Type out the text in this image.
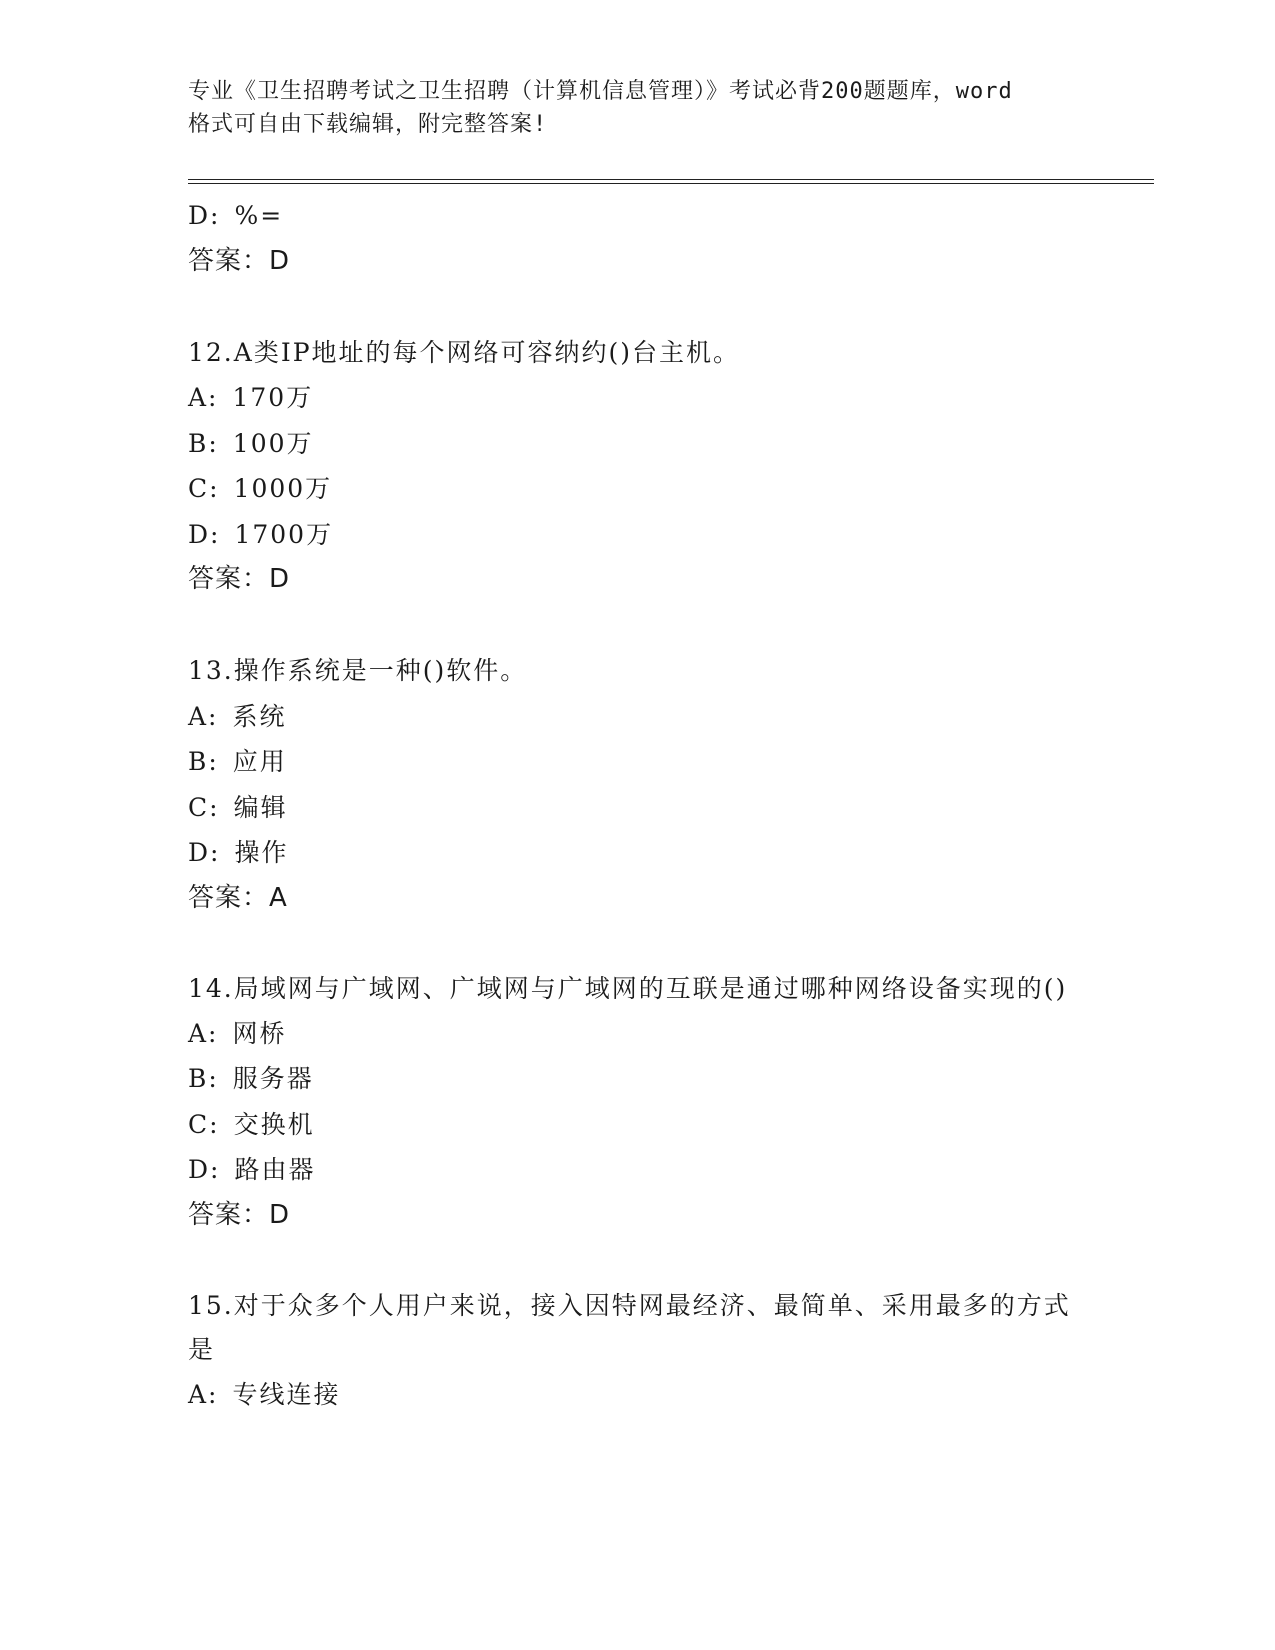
专业《卫生招聘考试之卫生招聘（计算机信息管理）》考试必背200题题库，word
格式可自由下载编辑，附完整答案!
D: %=
答案：D
12.A类IP地址的每个网络可容纳约()台主机。
A: 170万
B: 100万
C: 1000万
D: 1700万
答案：D
13.操作系统是一种()软件。
A: 系统
B: 应用
C: 编辑
D: 操作
答案：A
14.局域网与广域网、广域网与广域网的互联是通过哪种网络设备实现的()
A: 网桥
B: 服务器
C: 交换机
D: 路由器
答案：D
15.对于众多个人用户来说，接入因特网最经济、最简单、采用最多的方式是
A: 专线连接
